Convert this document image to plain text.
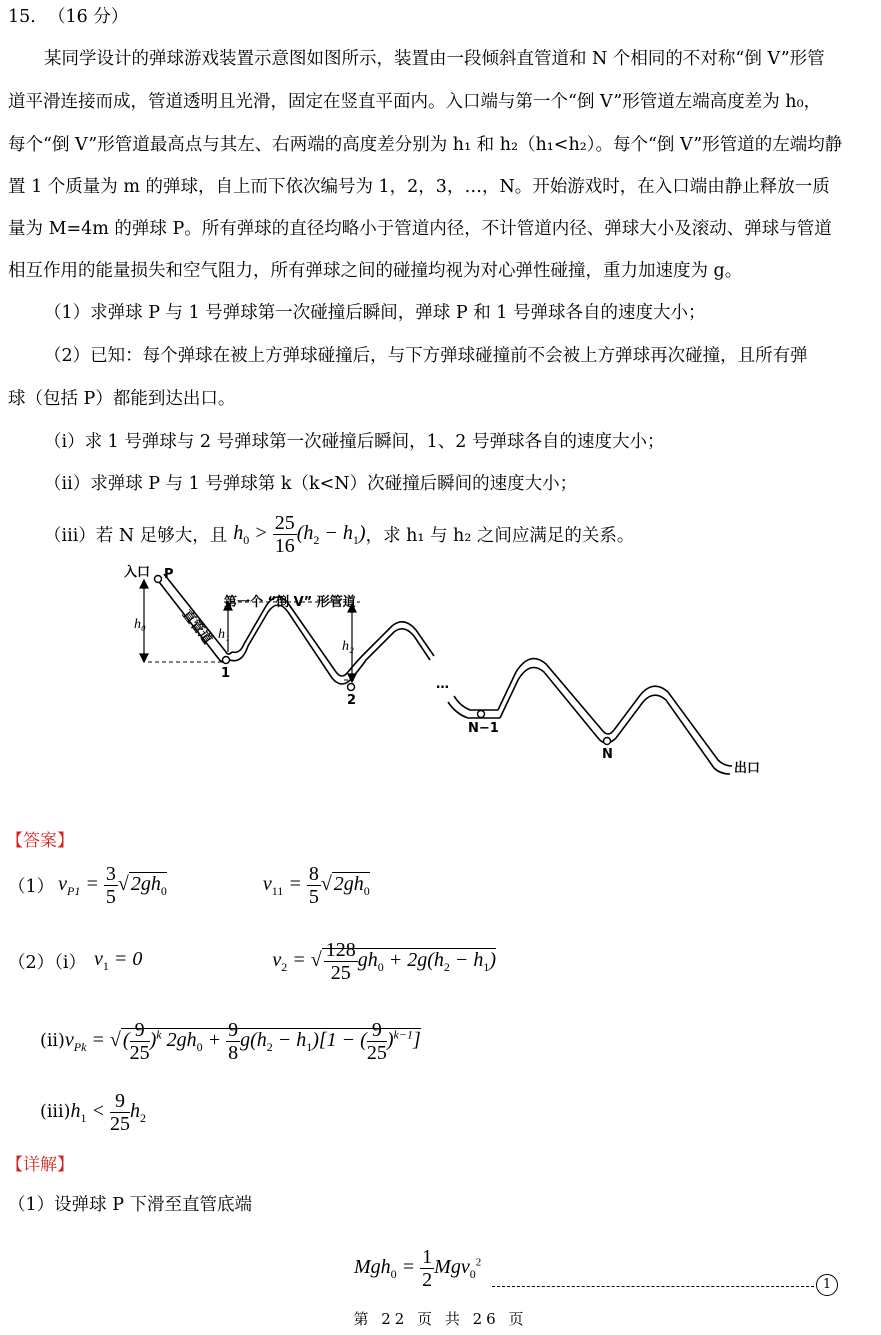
15. （16 分）
某同学设计的弹球游戏装置示意图如图所示，装置由一段倾斜直管道和 N 个相同的不对称“倒 V”形管
道平滑连接而成，管道透明且光滑，固定在竖直平面内。入口端与第一个“倒 V”形管道左端高度差为 h₀，
每个“倒 V”形管道最高点与其左、右两端的高度差分别为 h₁ 和 h₂（h₁<h₂）。每个“倒 V”形管道的左端均静
置 1 个质量为 m 的弹球，自上而下依次编号为 1，2，3，…，N。开始游戏时，在入口端由静止释放一质
量为 M=4m 的弹球 P。所有弹球的直径均略小于管道内径，不计管道内径、弹球大小及滚动、弹球与管道
相互作用的能量损失和空气阻力，所有弹球之间的碰撞均视为对心弹性碰撞，重力加速度为 g。
（1）求弹球 P 与 1 号弹球第一次碰撞后瞬间，弹球 P 和 1 号弹球各自的速度大小；
（2）已知：每个弹球在被上方弹球碰撞后，与下方弹球碰撞前不会被上方弹球再次碰撞，且所有弹
球（包括 P）都能到达出口。
（i）求 1 号弹球与 2 号弹球第一次碰撞后瞬间，1、2 号弹球各自的速度大小；
（ii）求弹球 P 与 1 号弹球第 k（k<N）次碰撞后瞬间的速度大小；
（iii）若 N 足够大，且 $h_0 > \frac{25}{16} (h_2 - h_1)$ ，求 h₁ 与 h₂ 之间应满足的关系。
入口 P
直管道
第一个 “倒 V” 形管道
1
2
N−1
N
…
出口
h₀
h₁
h₂
【答案】
（1） $v_{P1} = \frac{3}{5}$ √ $2gh_0$	$v_{11} = \frac{8}{5}$ √ $2gh_0$
（2）（i） $v_1 = 0$	$v_2$ = √ $\frac{128}{25} gh_0 + 2g(h_2 - h_1)$
(ii) $v_{Pk}$ = √ ( $\frac{9}{25} )^k$ $2gh_0 + \frac{9}{8} g(h_2 - h_1)[1$ − ( $\frac{9}{25} )^{k-1}$]
(iii) $h_1 < \frac{9}{25} h_2$
【详解】
（1）设弹球 P 下滑至直管底端
$Mgh_0 = \frac{1}{2} Mgv_0^2$
1
第 22 页 共 26 页
